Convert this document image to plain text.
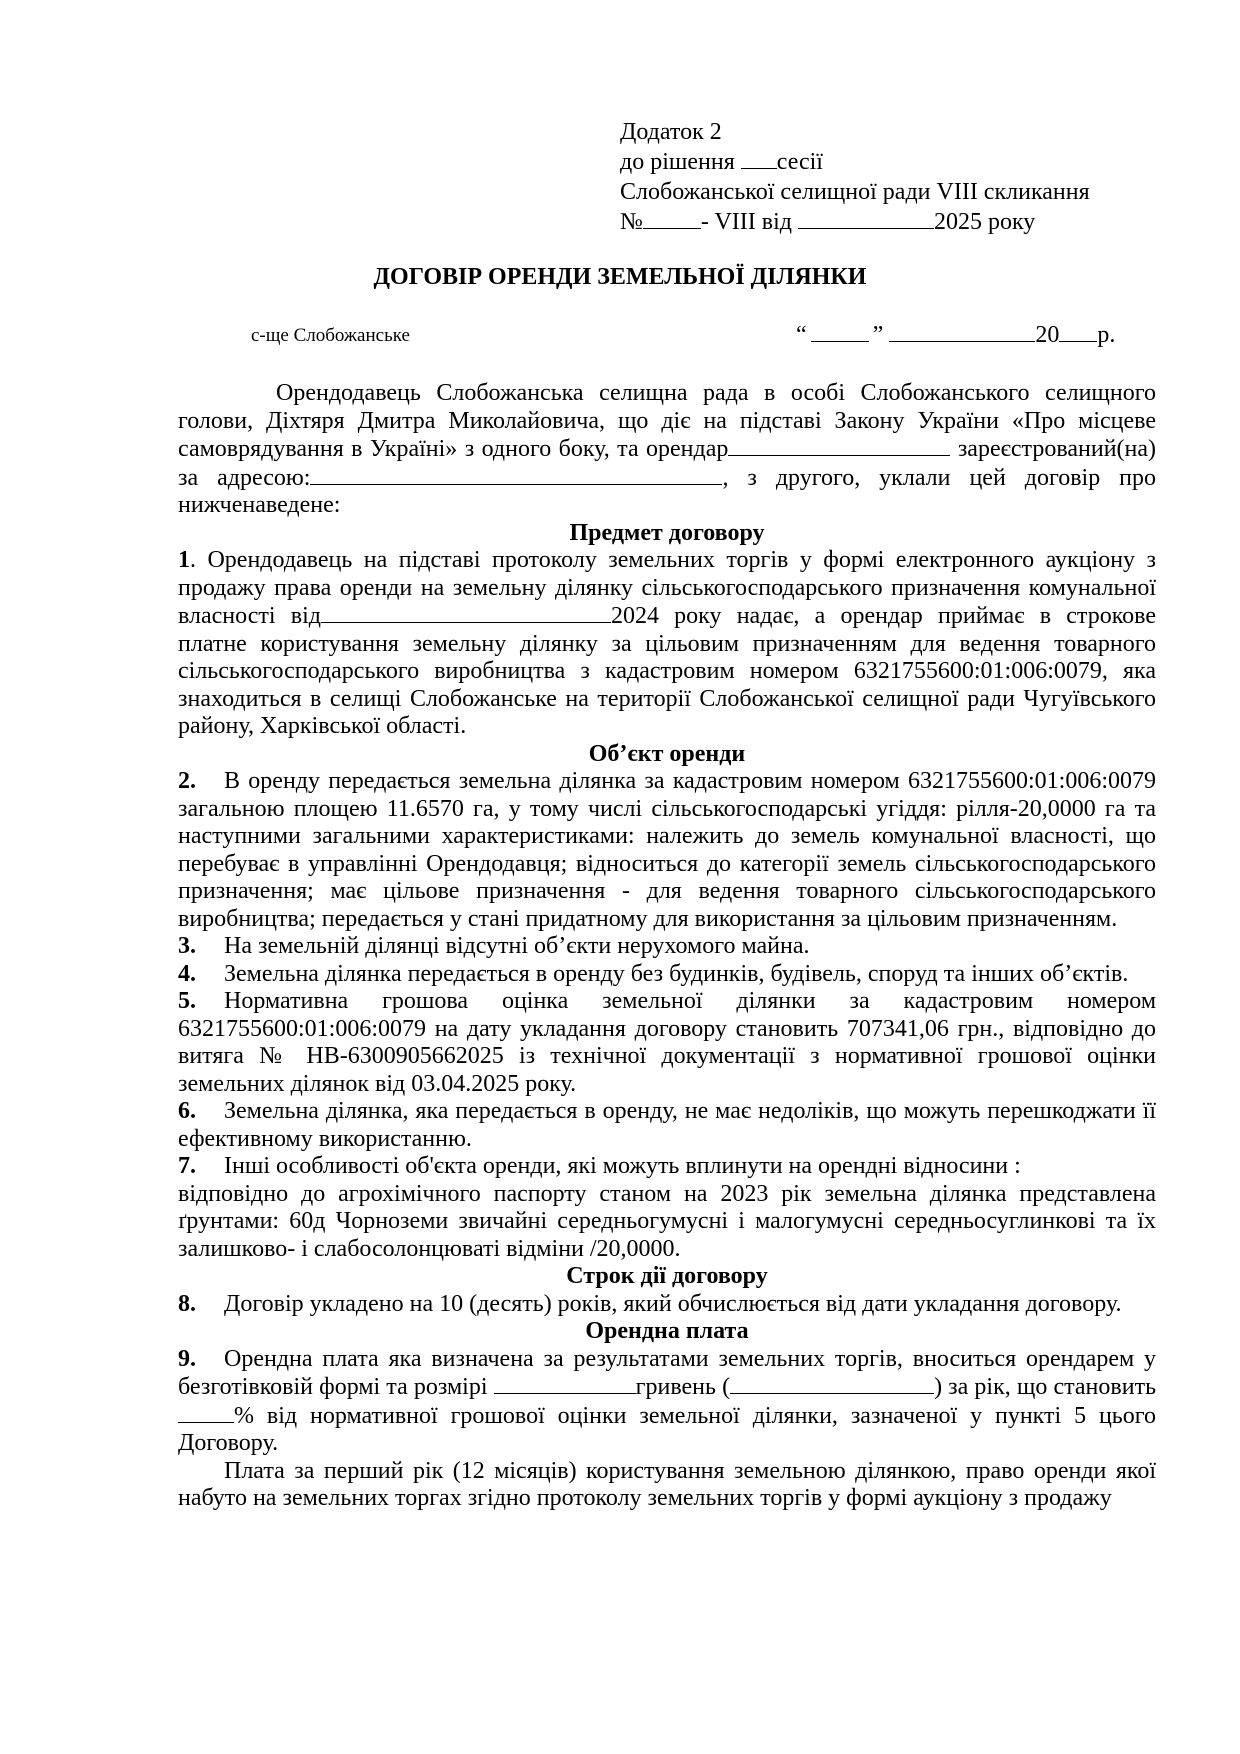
Додаток 2
до рішення сесії
Слобожанської селищної ради VIII скликання
№ - VIII від	2025 року
ДОГОВІР ОРЕНДИ ЗЕМЕЛЬНОЇ ДІЛЯНКИ
с-ще Слобожанське	“	”	20 р.

Орендодавець Слобожанська селищна рада в особі Слобожанського селищного голови, Діхтяря Дмитра Миколайовича, що діє на підставі Закону України «Про місцеве самоврядування в Україні» з одного боку, та орендар	зареєстрований(на) за адресою:	, з другого, уклали цей договір про нижченаведене:

Предмет договору

1. Орендодавець на підставі протоколу земельних торгів у формі електронного аукціону з продажу права оренди на земельну ділянку сільськогосподарського призначення комунальної власності від	2024 року надає, а орендар приймає в строкове платне користування земельну ділянку за цільовим призначенням для ведення товарного сільськогосподарського виробництва з кадастровим номером 6321755600:01:006:0079, яка знаходиться в селищі Слобожанське на території Слобожанської селищної ради Чугуївського району, Харківської області.

Об’єкт оренди

2. В оренду передається земельна ділянка за кадастровим номером 6321755600:01:006:0079 загальною площею 11.6570 га, у тому числі сільськогосподарські угіддя: рілля-20,0000 га та наступними загальними характеристиками: належить до земель комунальної власності, що перебуває в управлінні Орендодавця; відноситься до категорії земель сільськогосподарського призначення; має цільове призначення - для ведення товарного сільськогосподарського виробництва; передається у стані придатному для використання за цільовим призначенням.

3. На земельній ділянці відсутні об’єкти нерухомого майна.

4. Земельна ділянка передається в оренду без будинків, будівель, споруд та інших об’єктів.

5. Нормативна грошова оцінка земельної ділянки за кадастровим номером 6321755600:01:006:0079 на дату укладання договору становить 707341,06 грн., відповідно до витяга № НВ-6300905662025 із технічної документації з нормативної грошової оцінки земельних ділянок від 03.04.2025 року.

6. Земельна ділянка, яка передається в оренду, не має недоліків, що можуть перешкоджати її ефективному використанню.

7. Інші особливості об'єкта оренди, які можуть вплинути на орендні відносини :

відповідно до агрохімічного паспорту станом на 2023 рік земельна ділянка представлена ґрунтами: 60д Чорноземи звичайні середньогумусні і малогумусні середньосуглинкові та їх залишково- і слабосолонцюваті відміни /20,0000.

Строк дії договору

8. Договір укладено на 10 (десять) років, який обчислюється від дати укладання договору.

Орендна плата

9. Орендна плата яка визначена за результатами земельних торгів, вноситься орендарем у безготівковій формі та розмірі	гривень (	) за рік, що становить % від нормативної грошової оцінки земельної ділянки, зазначеної у пункті 5 цього Договору.

Плата за перший рік (12 місяців) користування земельною ділянкою, право оренди якої набуто на земельних торгах згідно протоколу земельних торгів у формі аукціону з продажу
